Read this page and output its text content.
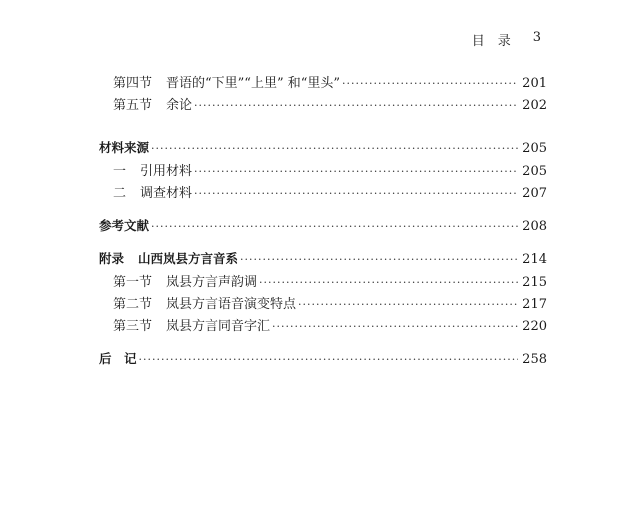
目　录 3
第四节 晋语的“下里”“上里” 和“里头” ·····	201
第五节 余论 ·····	202
材料来源 ·····	205
一 引用材料 ·····	205
二 调查材料 ·····	207
参考文献 ·····	208
附录 山西岚县方言音系 ·····	214
第一节 岚县方言声韵调 ·····	215
第二节 岚县方言语音演变特点 ·····	217
第三节 岚县方言同音字汇 ·····	220
后　记 ·····	258
